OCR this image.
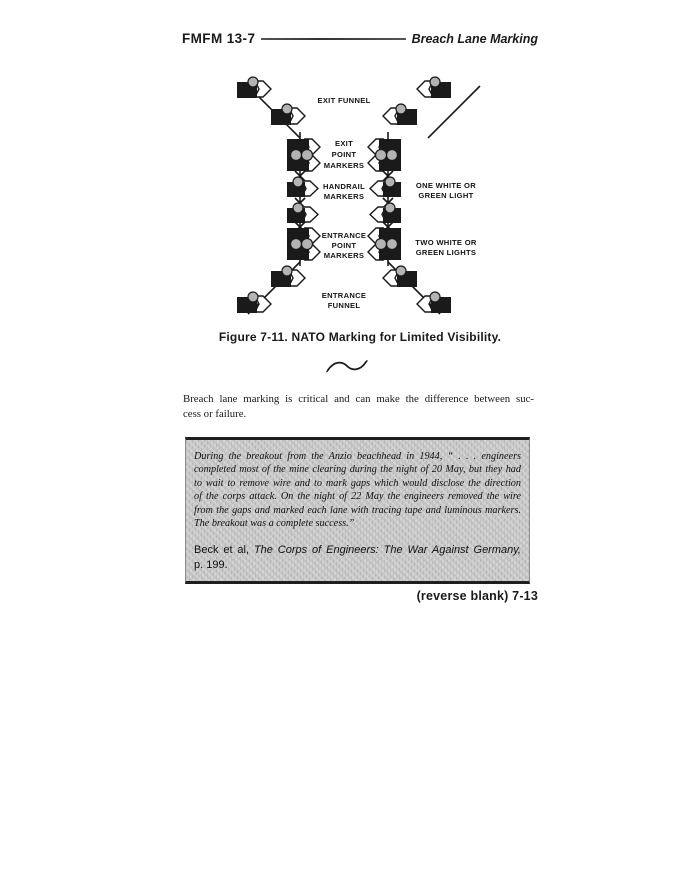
FMFM 13-7	Breach Lane Marking
EXIT FUNNEL
EXIT
POINT
MARKERS
HANDRAIL
MARKERS
ONE WHITE OR
GREEN LIGHT
ENTRANCE
POINT
MARKERS
TWO WHITE OR
GREEN LIGHTS
ENTRANCE
FUNNEL
Figure 7-11. NATO Marking for Limited Visibility.
Breach lane marking is critical and can make the difference between suc-
cess or failure.
During the breakout from the Anzio beachhead in 1944, “ . . . engineers
completed most of the mine clearing during the night of 20 May, but they had
to wait to remove wire and to mark gaps which would disclose the direction
of the corps attack. On the night of 22 May the engineers removed the wire
from the gaps and marked each lane with tracing tape and luminous markers.
The breakout was a complete success.”
Beck et al, The Corps of Engineers: The War Against Germany,
p. 199.
(reverse blank) 7-13
